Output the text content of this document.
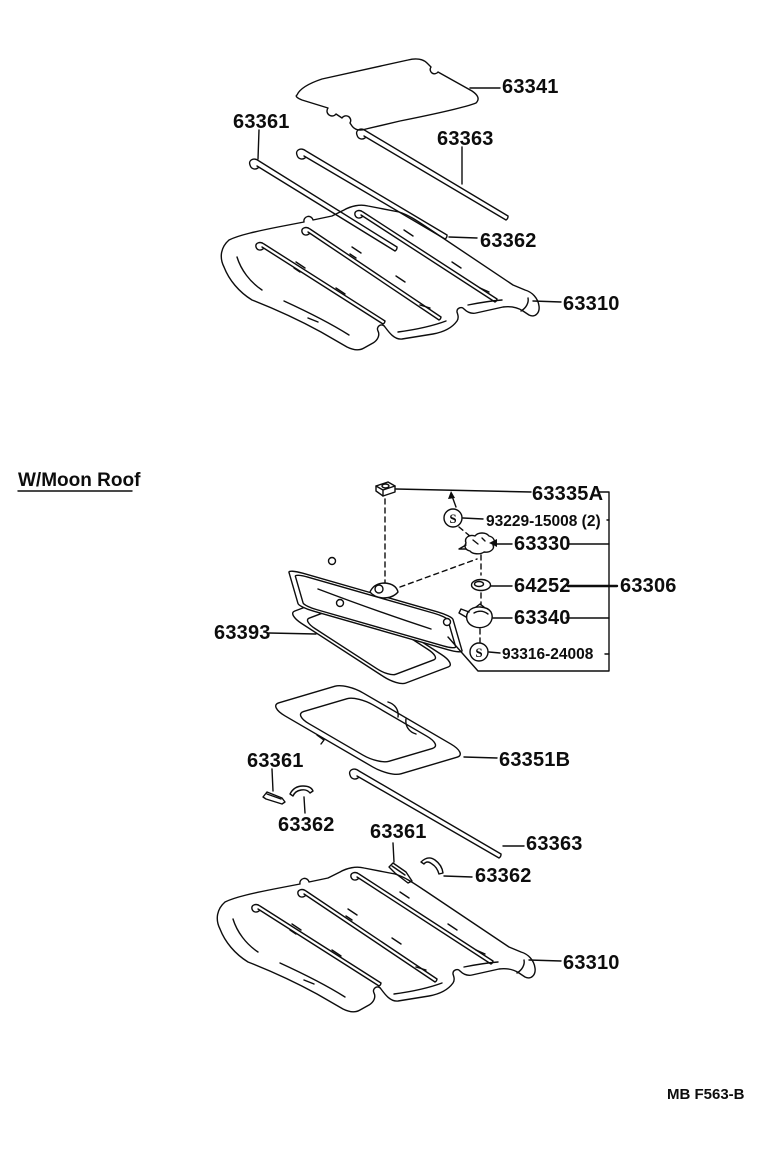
63341
63361
63363
63362
63310
W/Moon Roof
S
S
63335A
93229-15008 (2)
63330
64252 63306
63340
93316-24008
63393
63351B
63361
63362 63361
63363
63362
63310
MB F563-B
